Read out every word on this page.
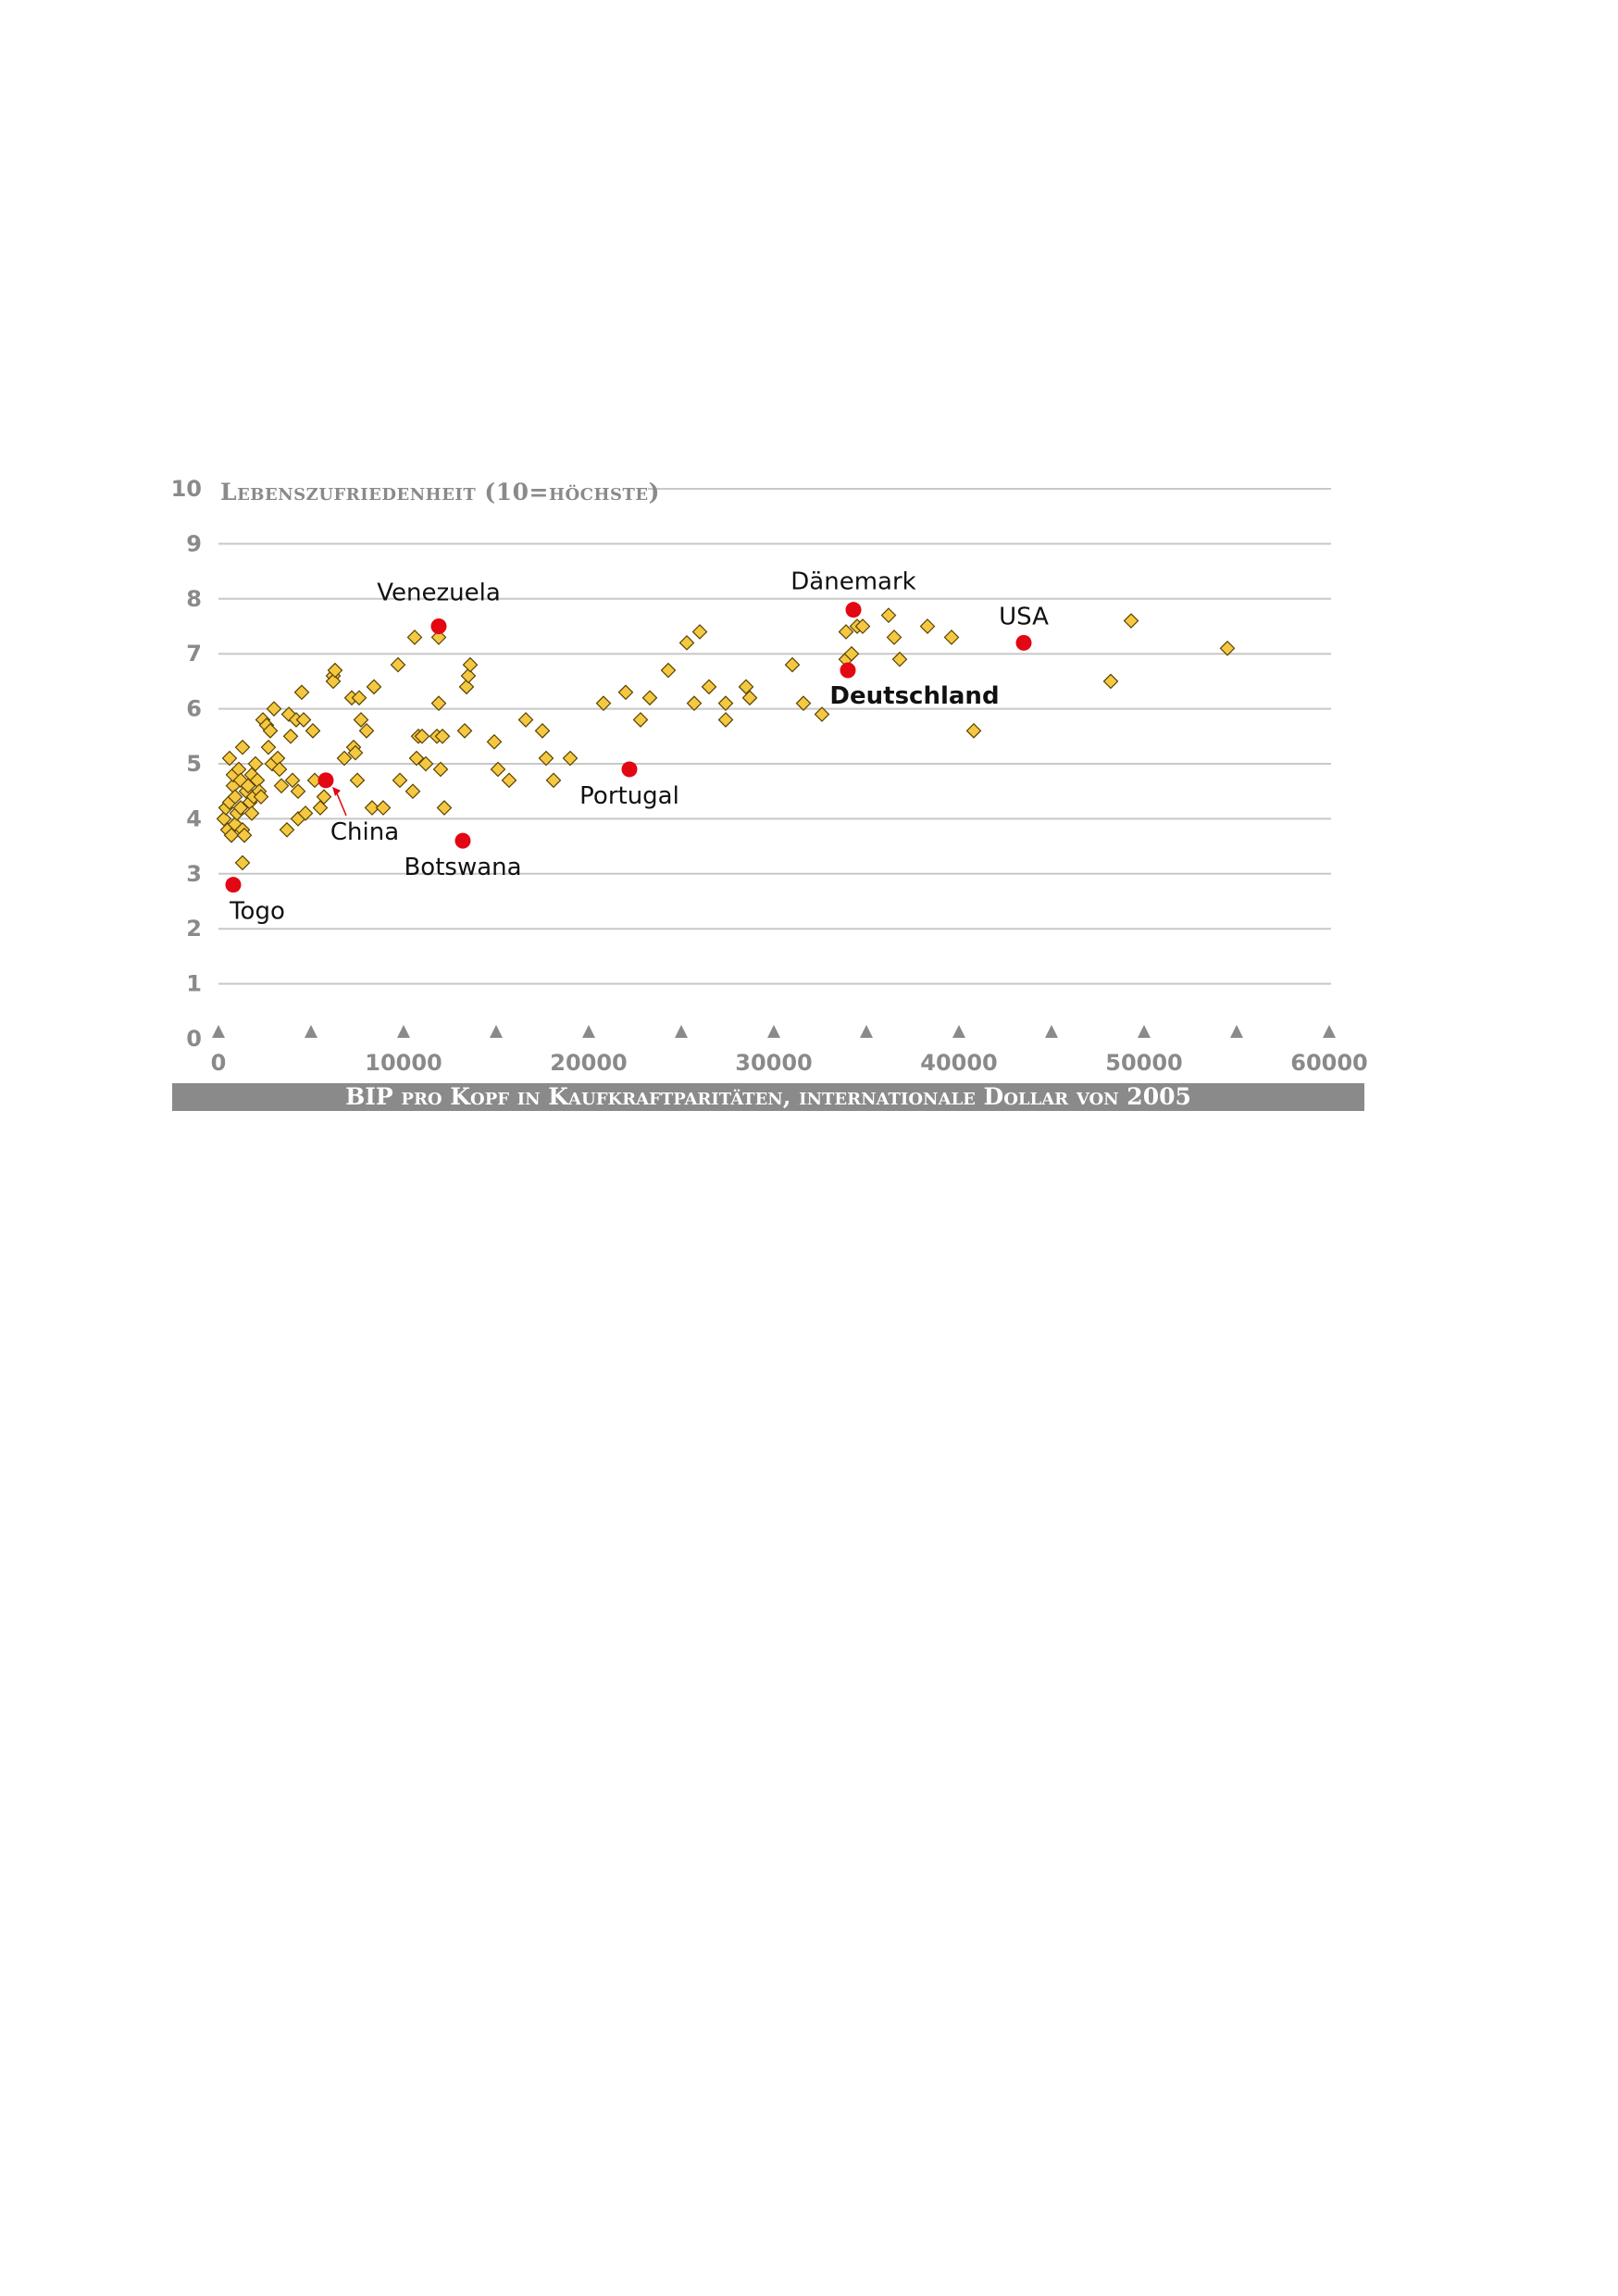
0
1
2
3
4
5
6
7
8
9
10
0	10000	20000	30000	40000	50000	60000
Lebenszufriedenheit (10=höchste)
BIP pro Kopf in Kaufkraftparitäten, internationale Dollar von 2005
Togo
China
Venezuela
Botswana
Portugal
Dänemark
Deutschland
USA
